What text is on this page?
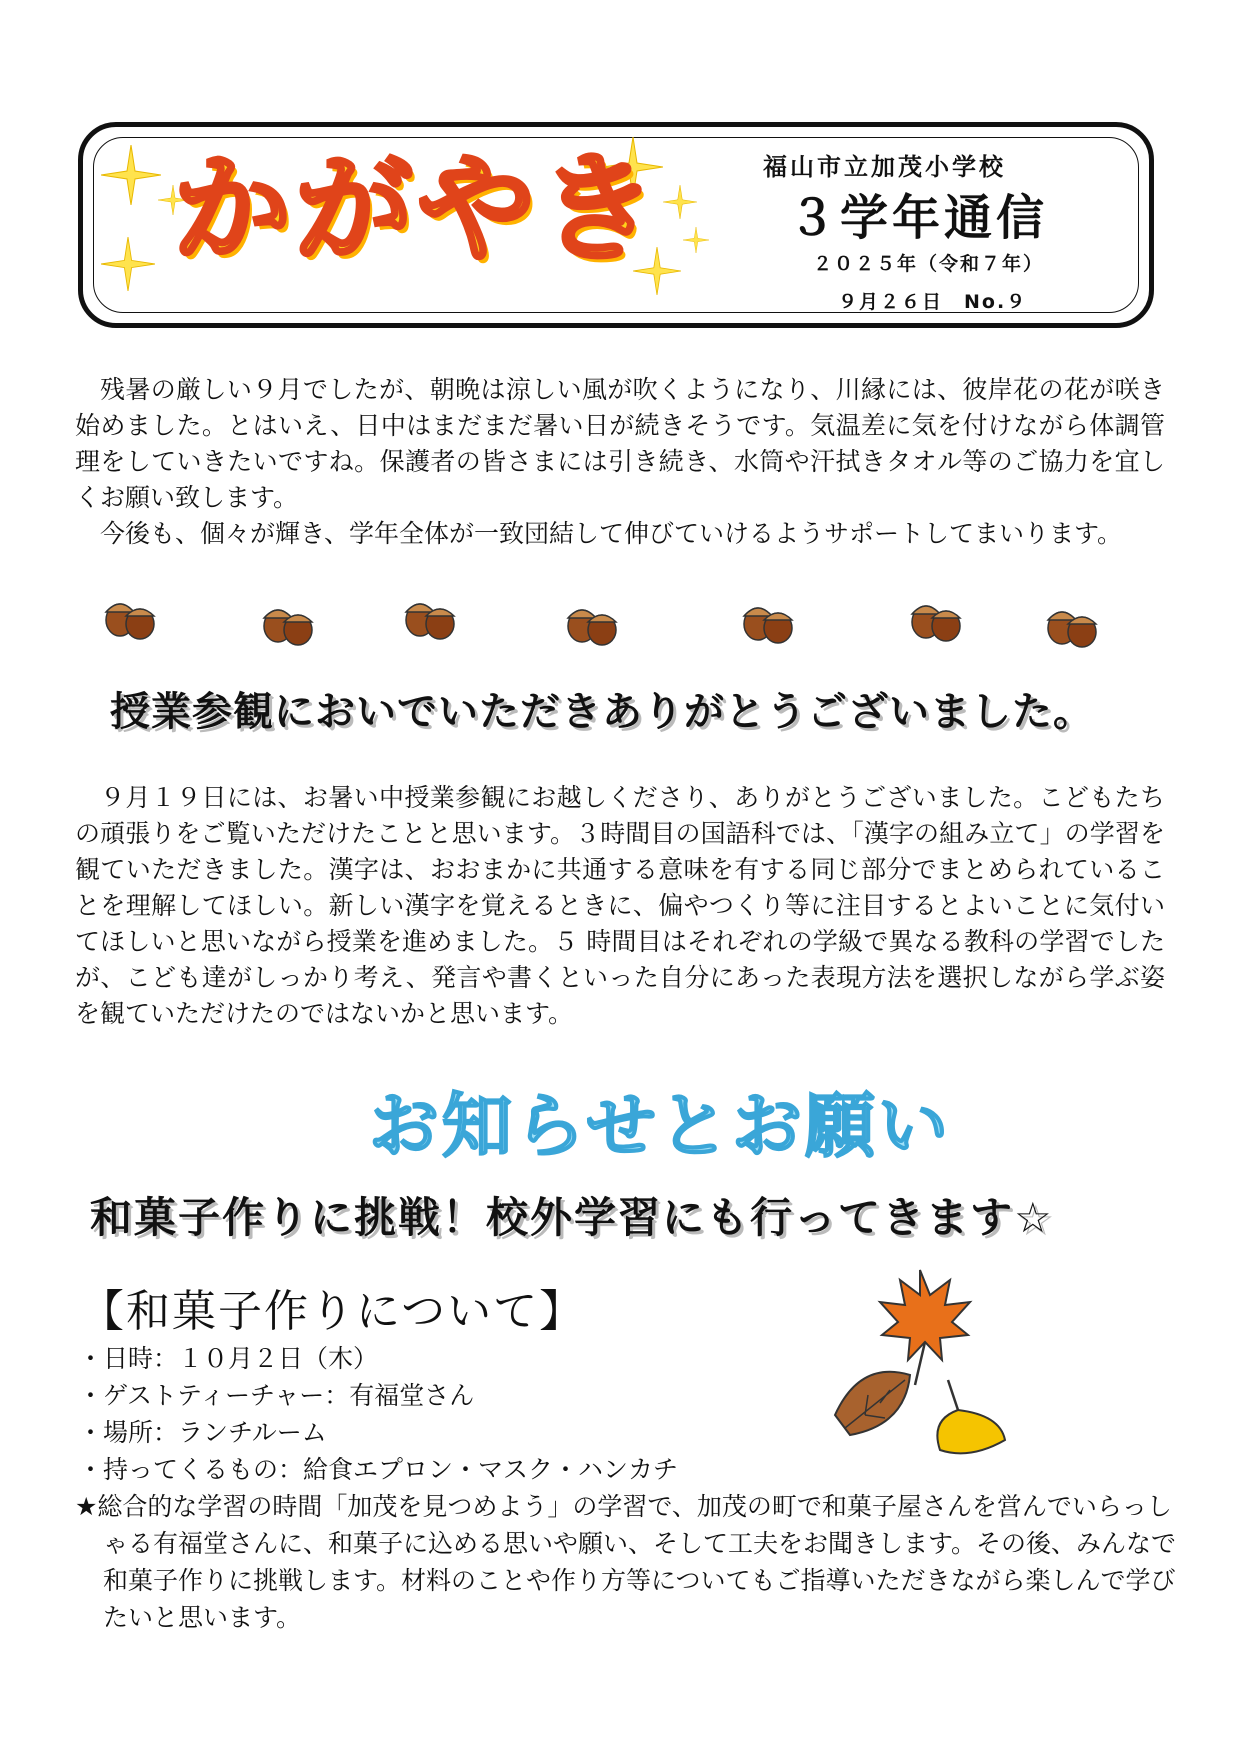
かがやき	福山市立加茂小学校
３学年通信
２０２５年（令和７年）
９月２６日　No.９

残暑の厳しい９月でしたが、朝晩は涼しい風が吹くようになり、川縁には、彼岸花の花が咲き始めました。とはいえ、日中はまだまだ暑い日が続きそうです。気温差に気を付けながら体調管理をしていきたいですね。保護者の皆さまには引き続き、水筒や汗拭きタオル等のご協力を宜しくお願い致します。

今後も、個々が輝き、学年全体が一致団結して伸びていけるようサポートしてまいります。

授業参観においでいただきありがとうございました。

９月１９日には、お暑い中授業参観にお越しくださり、ありがとうございました。こどもたちの頑張りをご覧いただけたことと思います。３時間目の国語科では、「漢字の組み立て」の学習を観ていただきました。漢字は、おおまかに共通する意味を有する同じ部分でまとめられていることを理解してほしい。新しい漢字を覚えるときに、偏やつくり等に注目するとよいことに気付いてほしいと思いながら授業を進めました。５ 時間目はそれぞれの学級で異なる教科の学習でしたが、こども達がしっかり考え、発言や書くといった自分にあった表現方法を選択しながら学ぶ姿を観ていただけたのではないかと思います。

お知らせとお願い
和菓子作りに挑戦！校外学習にも行ってきます☆
【和菓子作りについて】
・日時：１０月２日（木）
・ゲストティーチャー：有福堂さん
・場所：ランチルーム
・持ってくるもの：給食エプロン・マスク・ハンカチ
★総合的な学習の時間「加茂を見つめよう」の学習で、加茂の町で和菓子屋さんを営んでいらっしゃる有福堂さんに、和菓子に込める思いや願い、そして工夫をお聞きします。その後、みんなで和菓子作りに挑戦します。材料のことや作り方等についてもご指導いただきながら楽しんで学びたいと思います。
